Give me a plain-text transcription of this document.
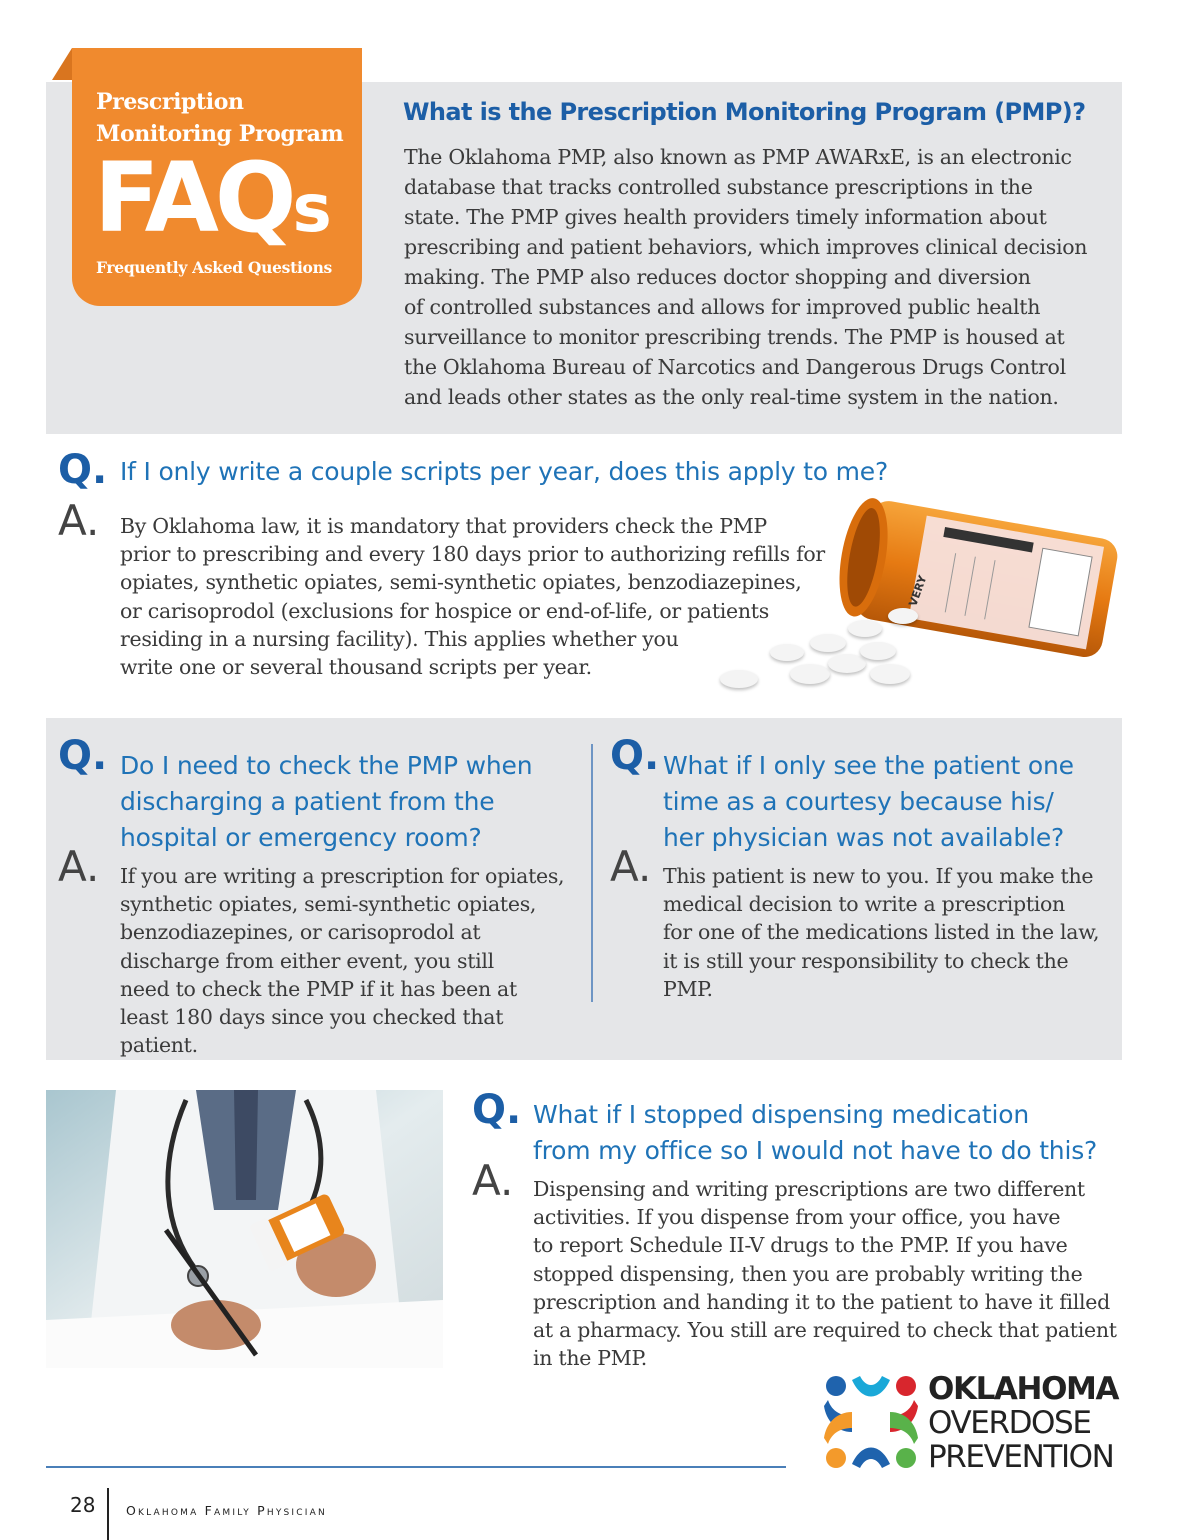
Prescription
Monitoring Program
FAQs
Frequently Asked Questions
What is the Prescription Monitoring Program (PMP)?
The Oklahoma PMP, also known as PMP AWARxE, is an electronic
database that tracks controlled substance prescriptions in the
state. The PMP gives health providers timely information about
prescribing and patient behaviors, which improves clinical decision
making. The PMP also reduces doctor shopping and diversion
of controlled substances and allows for improved public health
surveillance to monitor prescribing trends. The PMP is housed at
the Oklahoma Bureau of Narcotics and Dangerous Drugs Control
and leads other states as the only real-time system in the nation.
Q. If I only write a couple scripts per year, does this apply to me?
A. By Oklahoma law, it is mandatory that providers check the PMP
prior to prescribing and every 180 days prior to authorizing refills for
opiates, synthetic opiates, semi-synthetic opiates, benzodiazepines,
or carisoprodol (exclusions for hospice or end-of-life, or patients
residing in a nursing facility). This applies whether you
write one or several thousand scripts per year.
VERY
Q. Do I need to check the PMP when
discharging a patient from the
hospital or emergency room?
A. If you are writing a prescription for opiates,
synthetic opiates, semi-synthetic opiates,
benzodiazepines, or carisoprodol at
discharge from either event, you still
need to check the PMP if it has been at
least 180 days since you checked that patient.
Q. What if I only see the patient one
time as a courtesy because his/
her physician was not available?
A. This patient is new to you. If you make the
medical decision to write a prescription
for one of the medications listed in the law,
it is still your responsibility to check the
PMP.
Q. What if I stopped dispensing medication
from my office so I would not have to do this?
A. Dispensing and writing prescriptions are two different
activities. If you dispense from your office, you have
to report Schedule II-V drugs to the PMP. If you have
stopped dispensing, then you are probably writing the
prescription and handing it to the patient to have it filled
at a pharmacy. You still are required to check that patient
in the PMP.
OKLAHOMA
OVERDOSE
PREVENTION
28 Oklahoma Family Physician
